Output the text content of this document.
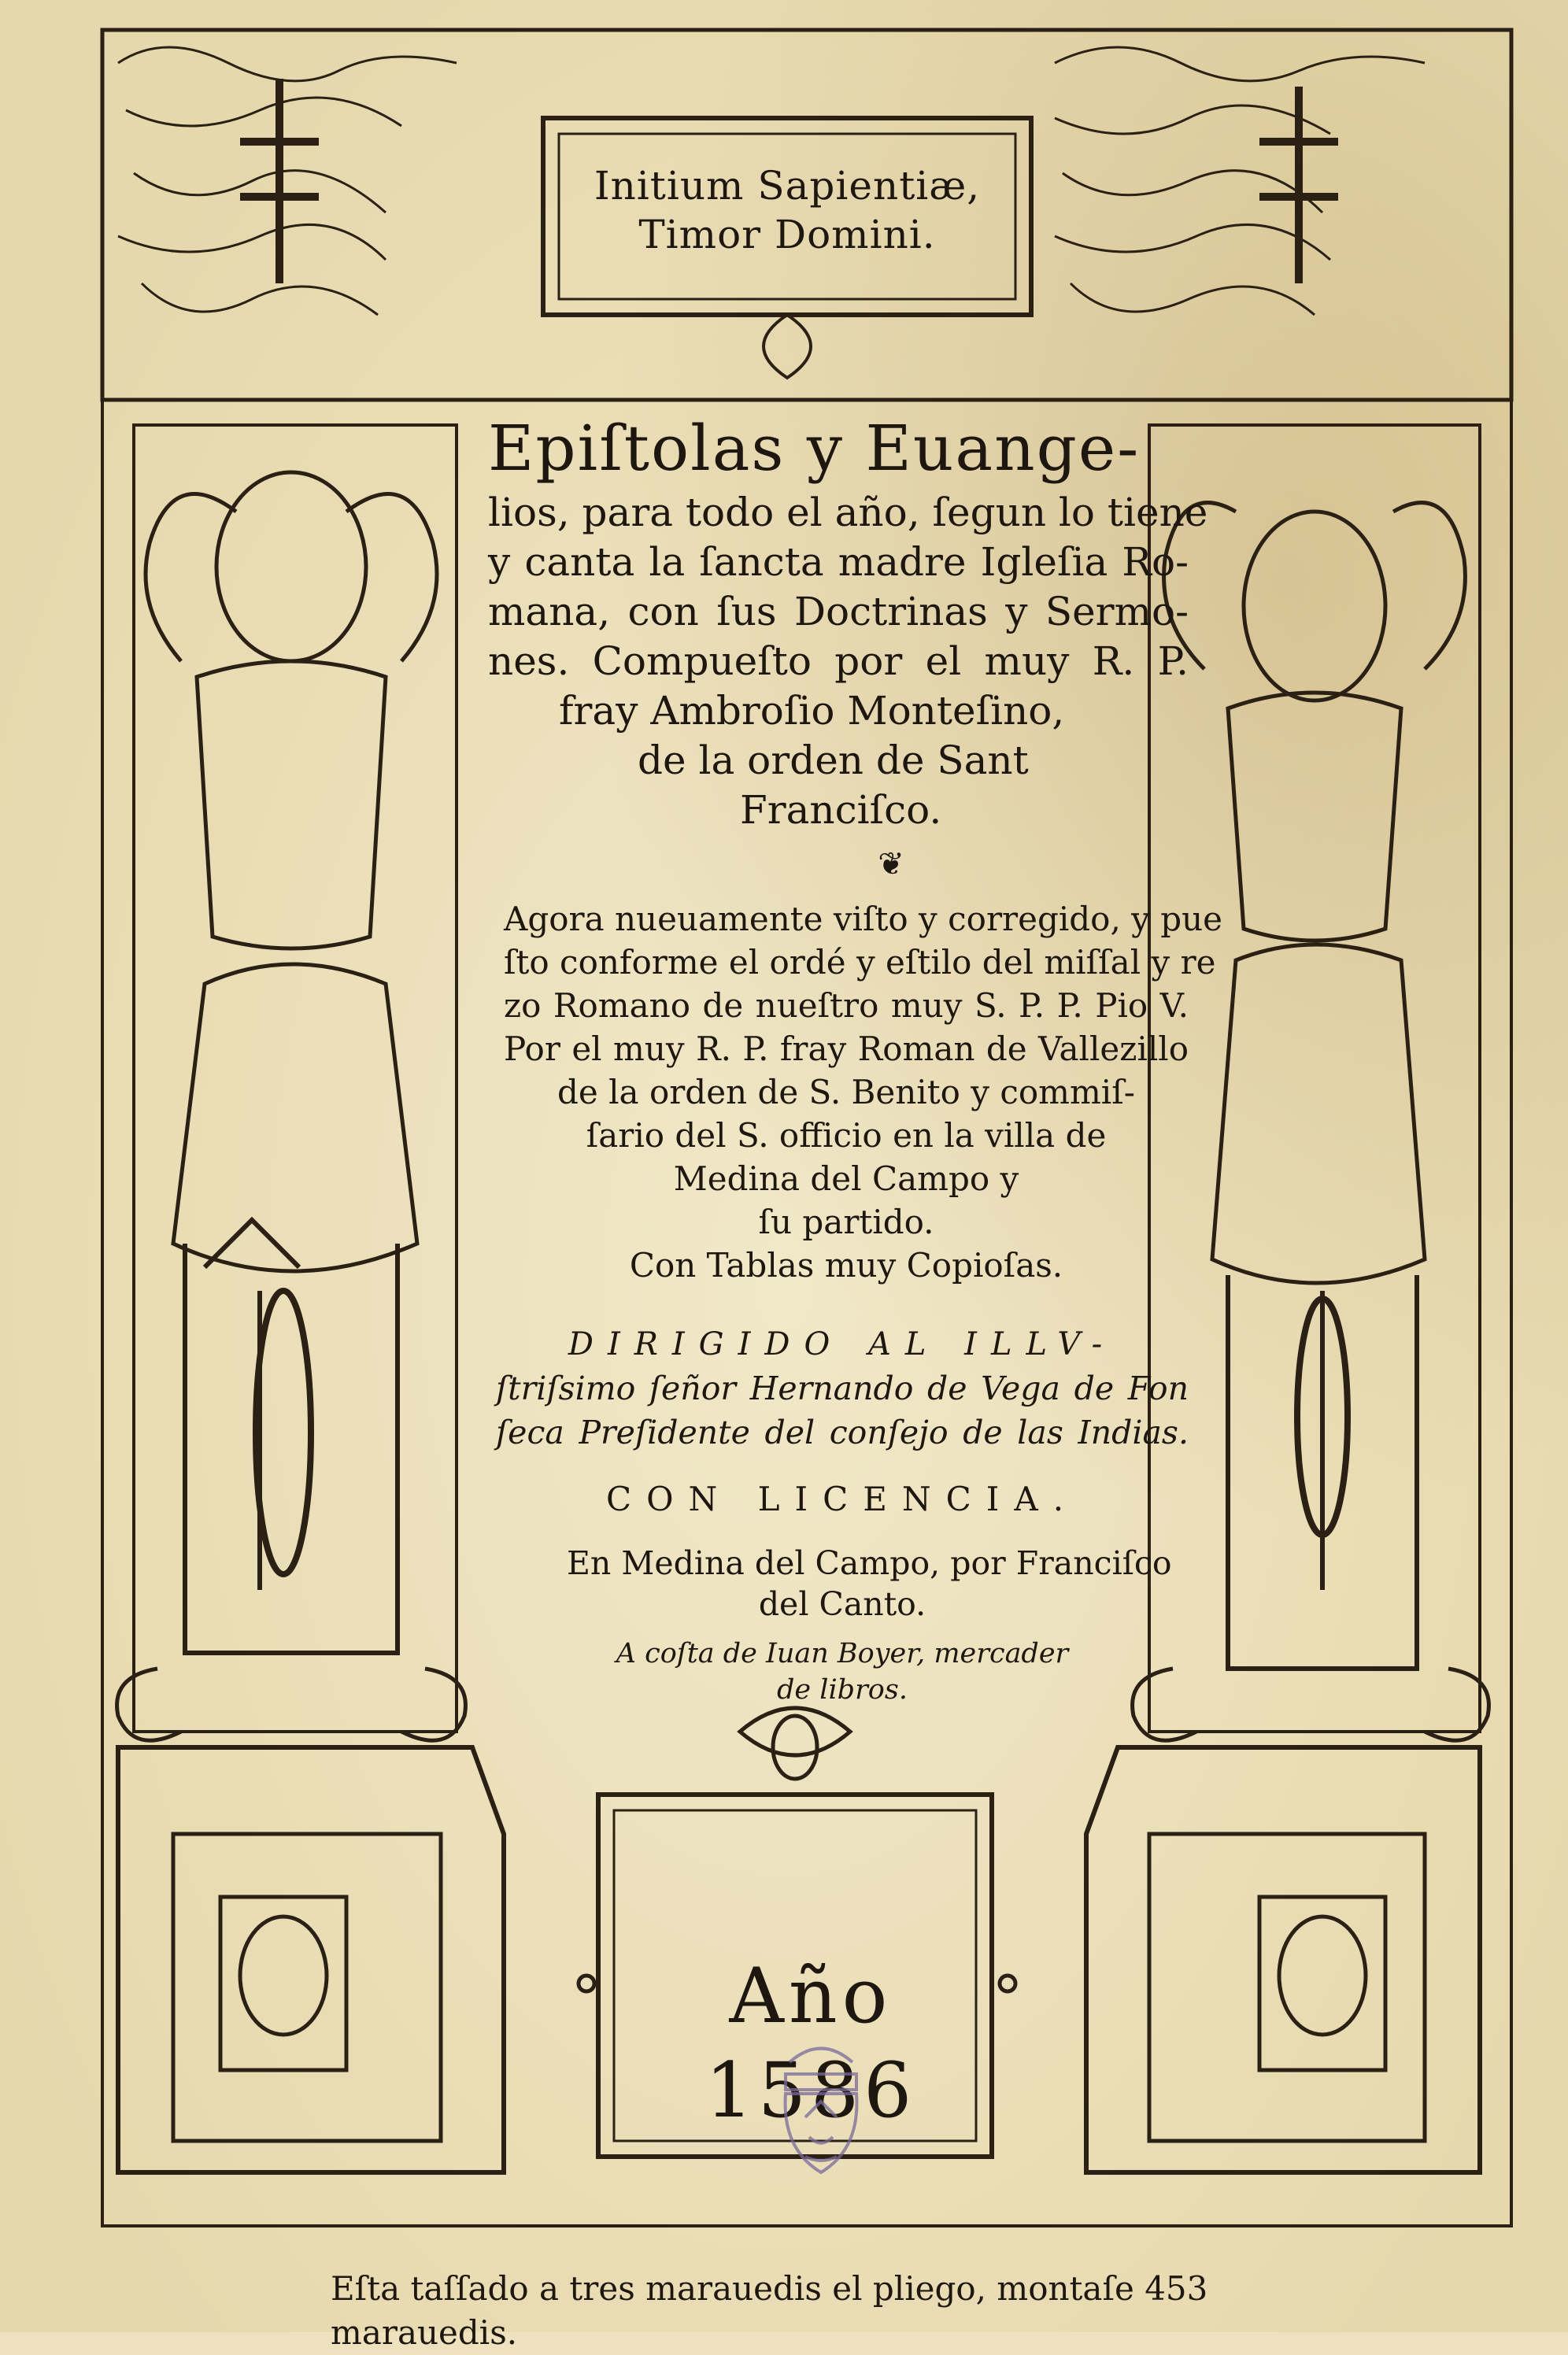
Initium Sapientiæ,
Timor Domini.
Epiſtolas y Euange-
lios, para todo el año, ſegun lo tiene
y canta la ſancta madre Igleſia Ro-
mana, con ſus Doctrinas y Sermo-
nes. Compueſto por el muy R. P.
fray Ambroſio Monteſino,
de la orden de Sant
Franciſco.
❦
Agora nueuamente viſto y corregido, y pue
ſto conforme el ordé y eſtilo del miſſal y re
zo Romano de nueſtro muy S. P. P. Pio V.
Por el muy R. P. fray Roman de Vallezillo
de la orden de S. Benito y commiſ-
ſario del S. officio en la villa de
Medina del Campo y
ſu partido.
Con Tablas muy Copioſas.
DIRIGIDO AL ILLV-
ſtriſsimo ſeñor Hernando de Vega de Fon
ſeca Preſidente del conſejo de las Indias.
CON LICENCIA.
En Medina del Campo, por Franciſco
del Canto.
A coſta de Iuan Boyer, mercader
de libros.
Año 1586
Eſta taſſado a tres marauedis el pliego, montaſe 453 marauedis.
